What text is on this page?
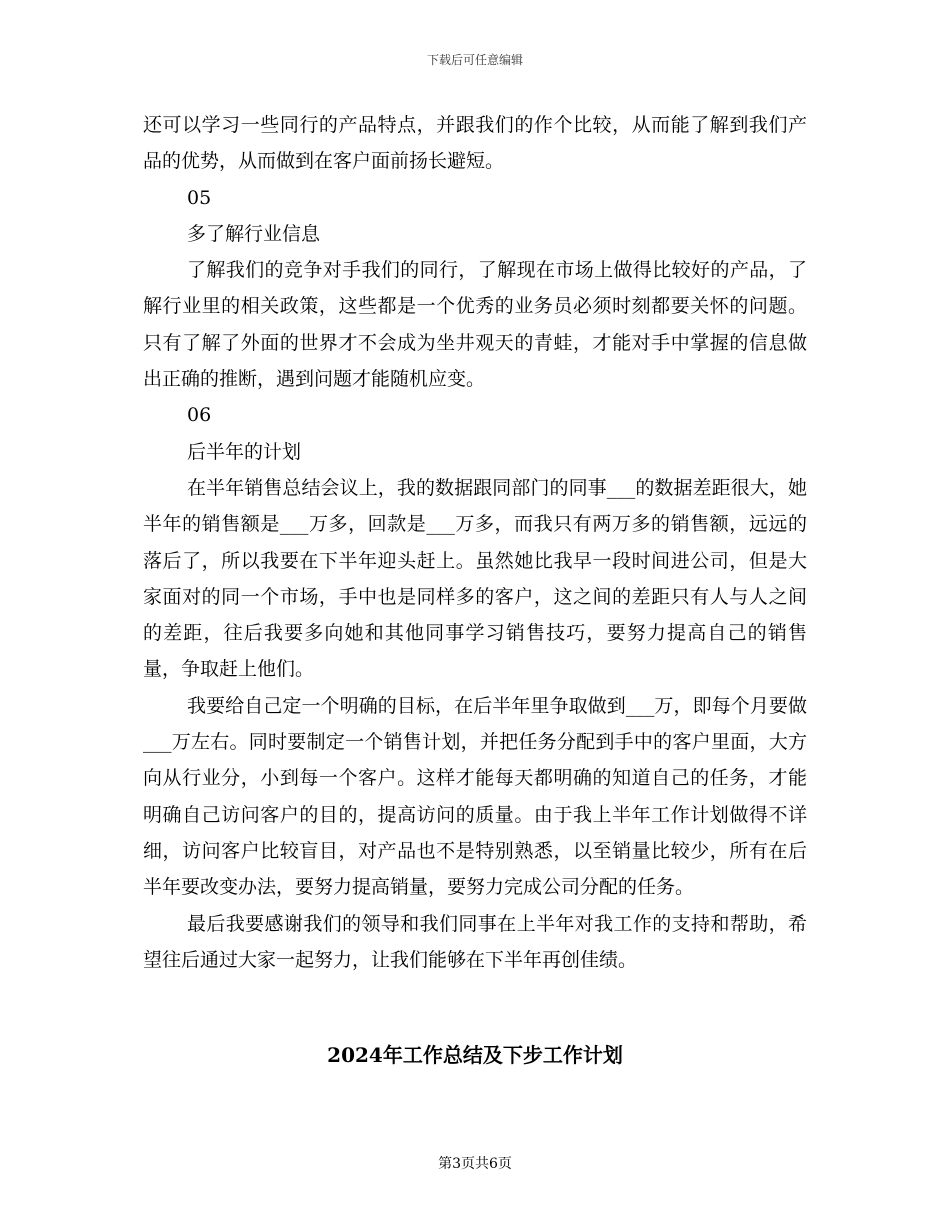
下载后可任意编辑

还可以学习一些同行的产品特点，并跟我们的作个比较，从而能了解到我们产品的优势，从而做到在客户面前扬长避短。

05

多了解行业信息

了解我们的竞争对手我们的同行，了解现在市场上做得比较好的产品，了解行业里的相关政策，这些都是一个优秀的业务员必须时刻都要关怀的问题。只有了解了外面的世界才不会成为坐井观天的青蛙，才能对手中掌握的信息做出正确的推断，遇到问题才能随机应变。

06

后半年的计划

在半年销售总结会议上，我的数据跟同部门的同事___的数据差距很大，她半年的销售额是___万多，回款是___万多，而我只有两万多的销售额，远远的落后了，所以我要在下半年迎头赶上。虽然她比我早一段时间进公司，但是大家面对的同一个市场，手中也是同样多的客户，这之间的差距只有人与人之间的差距，往后我要多向她和其他同事学习销售技巧，要努力提高自己的销售量，争取赶上他们。

我要给自己定一个明确的目标，在后半年里争取做到___万，即每个月要做___万左右。同时要制定一个销售计划，并把任务分配到手中的客户里面，大方向从行业分，小到每一个客户。这样才能每天都明确的知道自己的任务，才能明确自己访问客户的目的，提高访问的质量。由于我上半年工作计划做得不详细，访问客户比较盲目，对产品也不是特别熟悉，以至销量比较少，所有在后半年要改变办法，要努力提高销量，要努力完成公司分配的任务。

最后我要感谢我们的领导和我们同事在上半年对我工作的支持和帮助，希望往后通过大家一起努力，让我们能够在下半年再创佳绩。

2024年工作总结及下步工作计划
第3页共6页
